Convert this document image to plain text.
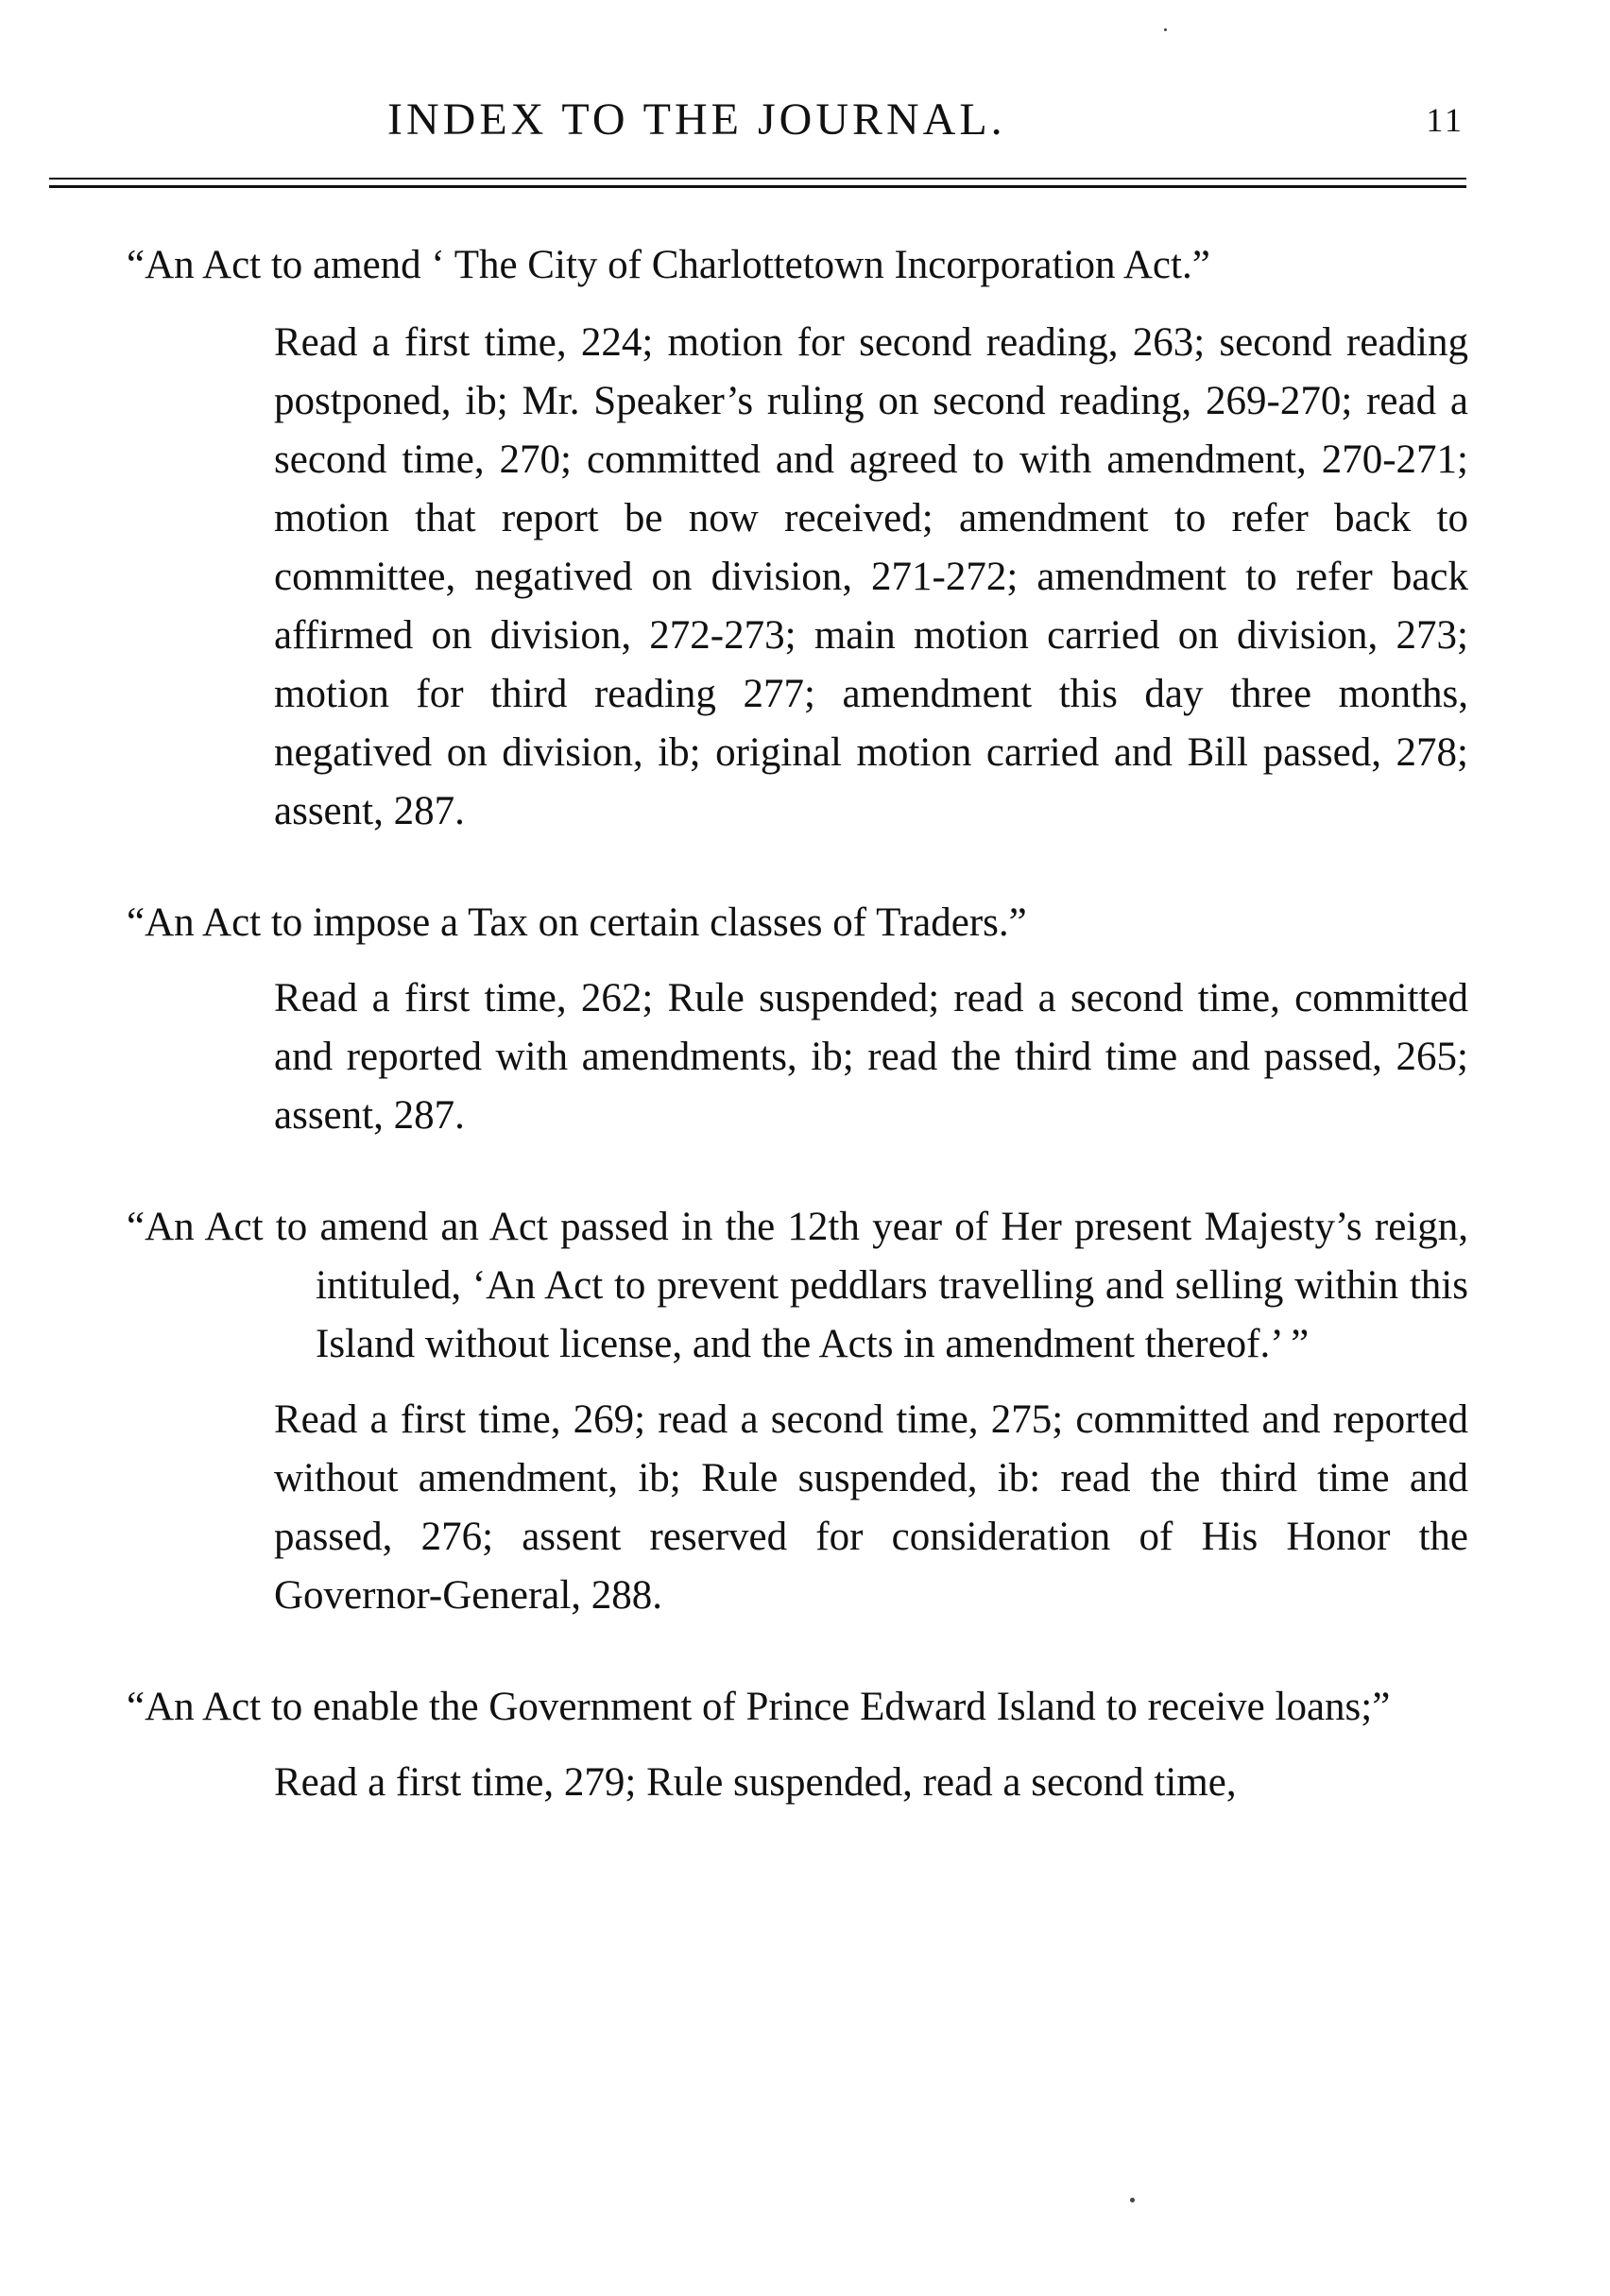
INDEX TO THE JOURNAL.	11

“An Act to amend ‘ The City of Charlottetown Incorporation Act.”

Read a first time, 224; motion for second reading, 263; second reading postponed, ib; Mr. Speaker’s ruling on second reading, 269-270; read a second time, 270; committed and agreed to with amendment, 270-271; motion that report be now received; amendment to refer back to committee, negatived on division, 271-272; amendment to refer back affirmed on division, 272-273; main motion carried on division, 273; motion for third reading 277; amendment this day three months, negatived on division, ib; original motion carried and Bill passed, 278; assent, 287.

“An Act to impose a Tax on certain classes of Traders.”

Read a first time, 262; Rule suspended; read a second time, committed and reported with amendments, ib; read the third time and passed, 265; assent, 287.

“An Act to amend an Act passed in the 12th year of Her present Majesty’s reign, intituled, ‘An Act to prevent peddlars travelling and selling within this Island without license, and the Acts in amendment thereof.’ ”

Read a first time, 269; read a second time, 275; committed and reported without amendment, ib; Rule suspended, ib: read the third time and passed, 276; assent reserved for consideration of His Honor the Governor-General, 288.

“An Act to enable the Government of Prince Edward Island to receive loans;”

Read a first time, 279; Rule suspended, read a second time,
